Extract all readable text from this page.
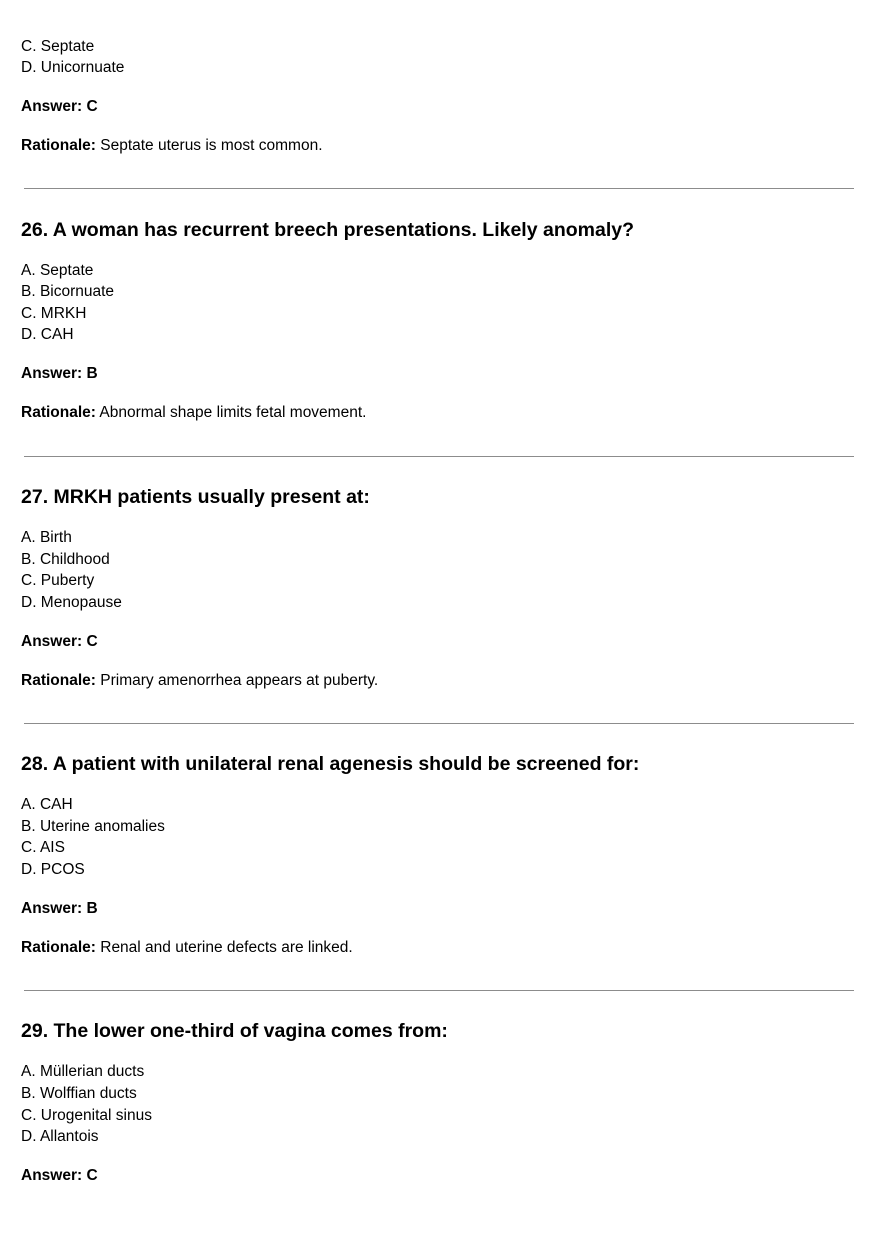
C. Septate
D. Unicornuate
Answer: C
Rationale: Septate uterus is most common.
26. A woman has recurrent breech presentations. Likely anomaly?
A. Septate
B. Bicornuate
C. MRKH
D. CAH
Answer: B
Rationale: Abnormal shape limits fetal movement.
27. MRKH patients usually present at:
A. Birth
B. Childhood
C. Puberty
D. Menopause
Answer: C
Rationale: Primary amenorrhea appears at puberty.
28. A patient with unilateral renal agenesis should be screened for:
A. CAH
B. Uterine anomalies
C. AIS
D. PCOS
Answer: B
Rationale: Renal and uterine defects are linked.
29. The lower one-third of vagina comes from:
A. Müllerian ducts
B. Wolffian ducts
C. Urogenital sinus
D. Allantois
Answer: C
